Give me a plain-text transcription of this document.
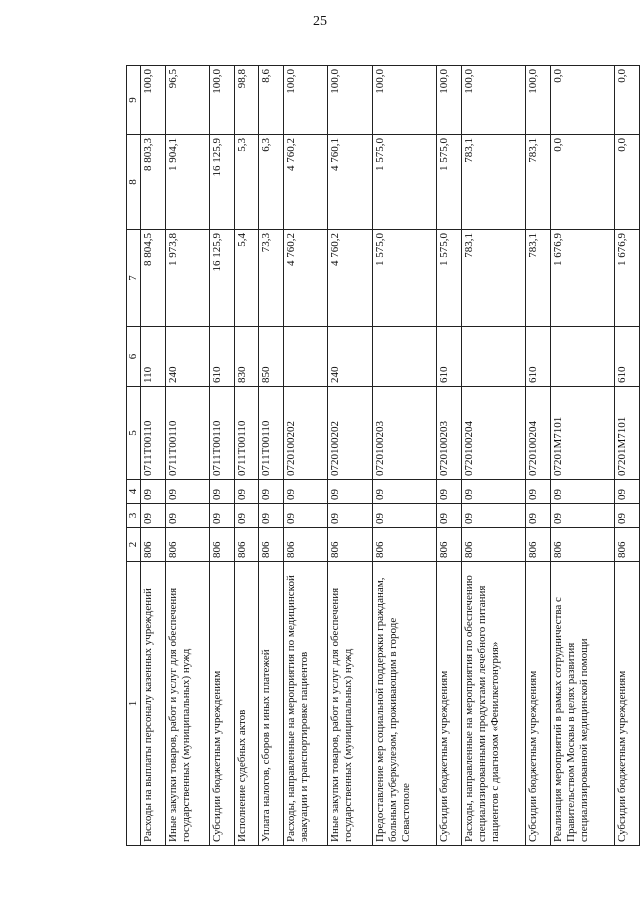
25
1	2	3	4	5	6	7	8	9
Расходы на выплаты персоналу казенных учреждений	806	09	09	0711Т00110	110	8 804,5	8 803,3	100,0
Иные закупки товаров, работ и услуг для обеспечения государственных (муниципальных) нужд	806	09	09	0711Т00110	240	1 973,8	1 904,1	96,5
Субсидии бюджетным учреждениям	806	09	09	0711Т00110	610	16 125,9	16 125,9	100,0
Исполнение судебных актов	806	09	09	0711Т00110	830	5,4	5,3	98,8
Уплата налогов, сборов и иных платежей	806	09	09	0711Т00110	850	73,3	6,3	8,6
Расходы, направленные на мероприятия по медицинской эвакуации и транспортировке пациентов	806	09	09	0720100202		4 760,2	4 760,2	100,0
Иные закупки товаров, работ и услуг для обеспечения государственных (муниципальных) нужд	806	09	09	0720100202	240	4 760,2	4 760,1	100,0
Предоставление мер социальной поддержки гражданам, больным туберкулезом, проживающим в городе Севастополе	806	09	09	0720100203		1 575,0	1 575,0	100,0
Субсидии бюджетным учреждениям	806	09	09	0720100203	610	1 575,0	1 575,0	100,0
Расходы, направленные на мероприятия по обеспечению специализированными продуктами лечебного питания пациентов с диагнозом «Фенилкетонурия»	806	09	09	0720100204		783,1	783,1	100,0
Субсидии бюджетным учреждениям	806	09	09	0720100204	610	783,1	783,1	100,0
Реализация мероприятий в рамках сотрудничества с Правительством Москвы в целях развития специализированной медицинской помощи	806	09	09	07201М7101		1 676,9	0,0	0,0
Субсидии бюджетным учреждениям	806	09	09	07201М7101	610	1 676,9	0,0	0,0
